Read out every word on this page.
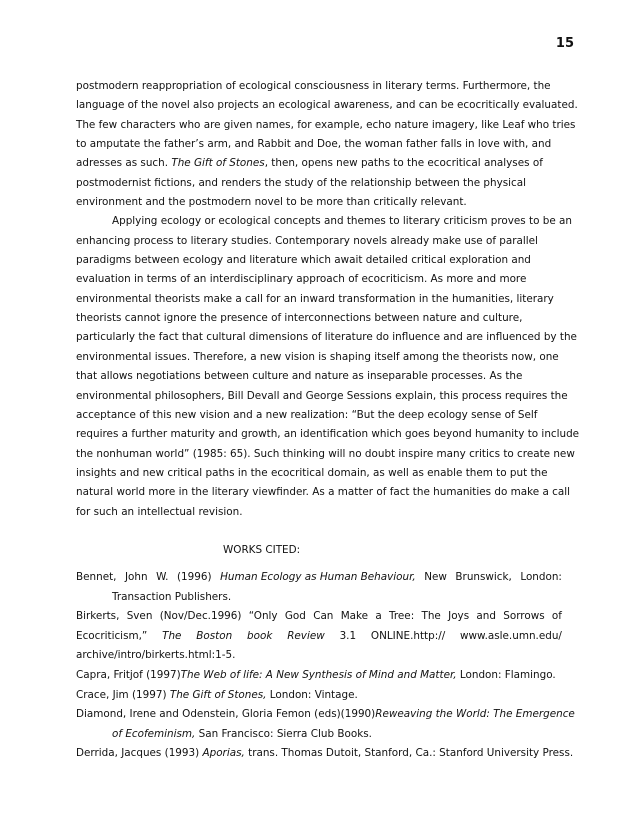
15
postmodern reappropriation of ecological consciousness in literary terms. Furthermore, the
language of the novel also projects an ecological awareness, and can be ecocritically evaluated.
The few characters who are given names, for example, echo nature imagery, like Leaf who tries
to amputate the father’s arm, and Rabbit and Doe, the woman father falls in love with, and
adresses as such. The Gift of Stones, then, opens new paths to the ecocritical analyses of
postmodernist fictions, and renders the study of the relationship between the physical
environment and the postmodern novel to be more than critically relevant.
Applying ecology or ecological concepts and themes to literary criticism proves to be an
enhancing process to literary studies. Contemporary novels already make use of parallel
paradigms between ecology and literature which await detailed critical exploration and
evaluation in terms of an interdisciplinary approach of ecocriticism. As more and more
environmental theorists make a call for an inward transformation in the humanities, literary
theorists cannot ignore the presence of interconnections between nature and culture,
particularly the fact that cultural dimensions of literature do influence and are influenced by the
environmental issues. Therefore, a new vision is shaping itself among the theorists now, one
that allows negotiations between culture and nature as inseparable processes. As the
environmental philosophers, Bill Devall and George Sessions explain, this process requires the
acceptance of this new vision and a new realization: “But the deep ecology sense of Self
requires a further maturity and growth, an identification which goes beyond humanity to include
the nonhuman world” (1985: 65). Such thinking will no doubt inspire many critics to create new
insights and new critical paths in the ecocritical domain, as well as enable them to put the
natural world more in the literary viewfinder. As a matter of fact the humanities do make a call
for such an intellectual revision.
WORKS CITED:
Bennet, John W. (1996) Human Ecology as Human Behaviour, New Brunswick, London:
Transaction Publishers.
Birkerts, Sven (Nov/Dec.1996) “Only God Can Make a Tree: The Joys and Sorrows of
Ecocriticism,” The Boston book Review 3.1 ONLINE.http:// www.asle.umn.edu/
archive/intro/birkerts.html:1-5.
Capra, Fritjof (1997)The Web of life: A New Synthesis of Mind and Matter, London: Flamingo.
Crace, Jim (1997) The Gift of Stones, London: Vintage.
Diamond, Irene and Odenstein, Gloria Femon (eds)(1990)Reweaving the World: The Emergence
of Ecofeminism, San Francisco: Sierra Club Books.
Derrida, Jacques (1993) Aporias, trans. Thomas Dutoit, Stanford, Ca.: Stanford University Press.
